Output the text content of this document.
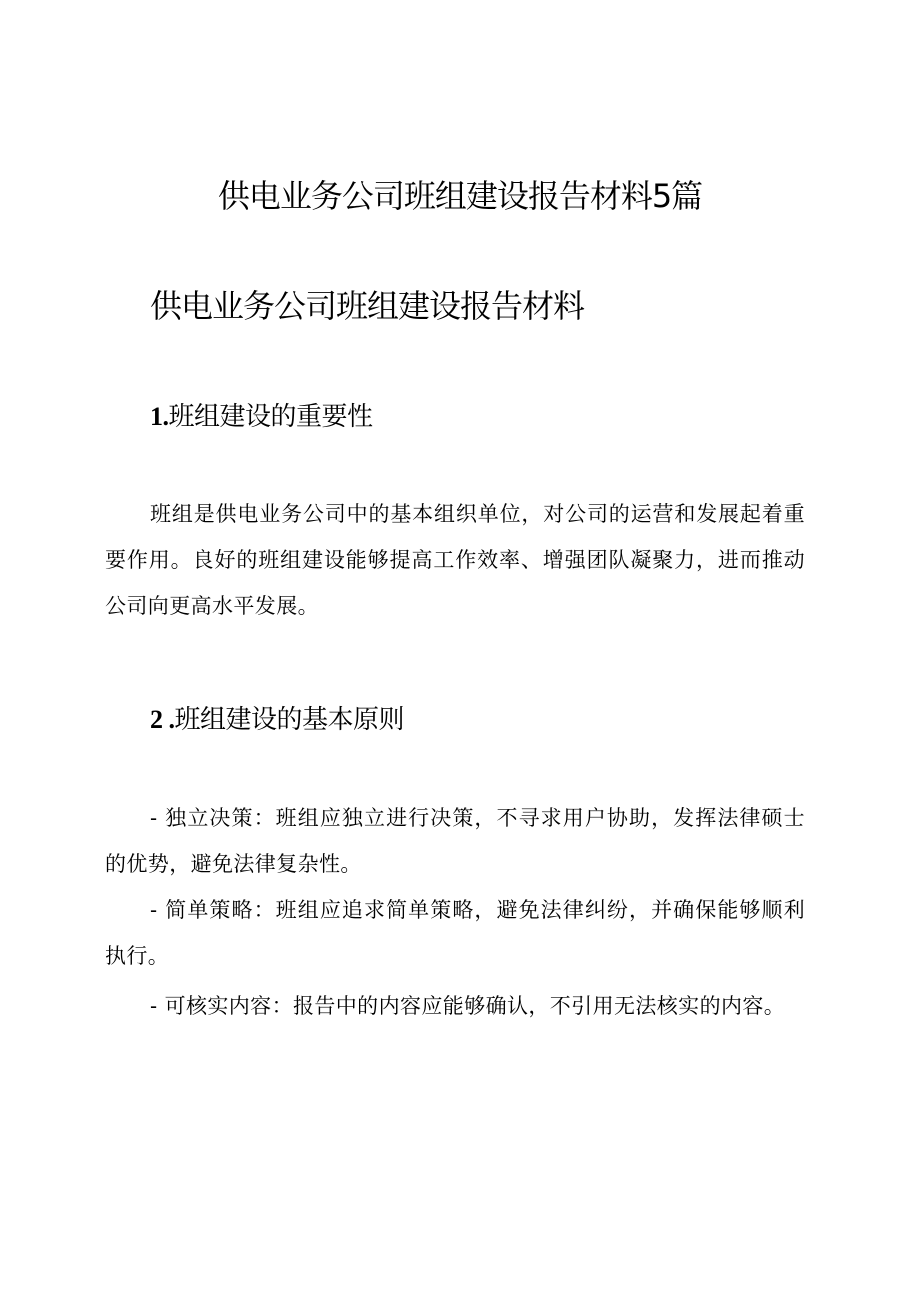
供电业务公司班组建设报告材料5篇
供电业务公司班组建设报告材料
1.班组建设的重要性

班组是供电业务公司中的基本组织单位，对公司的运营和发展起着重要作用。良好的班组建设能够提高工作效率、增强团队凝聚力，进而推动公司向更高水平发展。

2 .班组建设的基本原则

- 独立决策：班组应独立进行决策，不寻求用户协助，发挥法律硕士的优势，避免法律复杂性。

- 简单策略：班组应追求简单策略，避免法律纠纷，并确保能够顺利执行。

- 可核实内容：报告中的内容应能够确认，不引用无法核实的内容。
